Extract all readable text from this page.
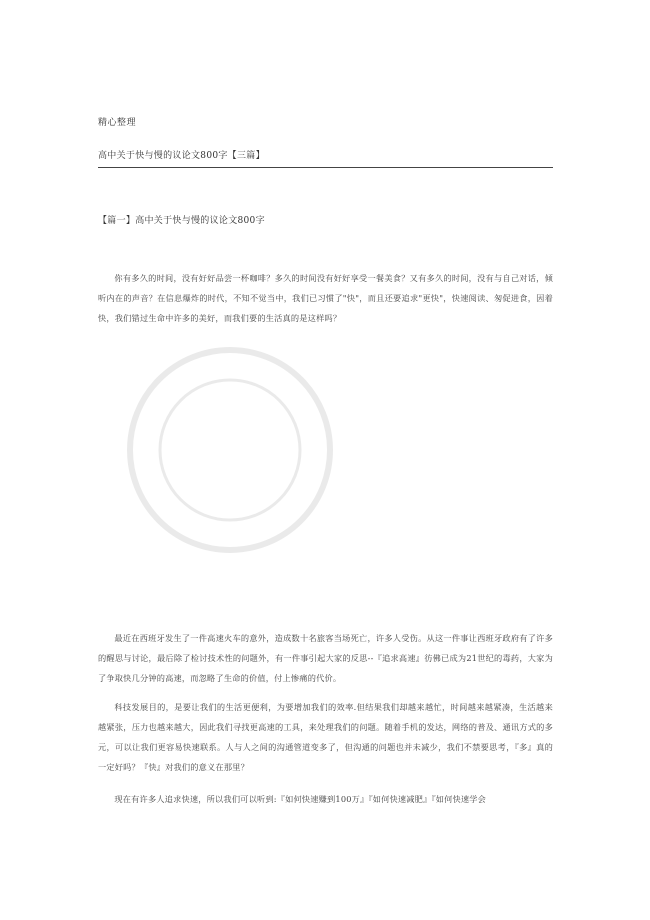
精心整理
高中关于快与慢的议论文800字【三篇】
【篇一】高中关于快与慢的议论文800字

你有多久的时间，没有好好品尝一杯咖啡？多久的时间没有好好享受一餐美食？又有多久的时间，没有与自己对话，倾听内在的声音？在信息爆炸的时代，不知不觉当中，我们已习惯了"快"，而且还要追求"更快"，快速阅读、匆促进食，因着快，我们错过生命中许多的美好，而我们要的生活真的是这样吗？

最近在西班牙发生了一件高速火车的意外，造成数十名旅客当场死亡，许多人受伤。从这一件事让西班牙政府有了许多的醒思与讨论，最后除了检讨技术性的问题外，有一件事引起大家的反思--『追求高速』彷佛已成为21世纪的毒药，大家为了争取快几分钟的高速，而忽略了生命的价值，付上惨痛的代价。

科技发展目的，是要让我们的生活更便利，为要增加我们的效率.但结果我们却越来越忙，时间越来越紧凑，生活越来越紧张，压力也越来越大，因此我们寻找更高速的工具，来处理我们的问题。随着手机的发达，网络的普及、通讯方式的多元，可以让我们更容易快速联系。人与人之间的沟通管道变多了，但沟通的问题也并未减少，我们不禁要思考，『多』真的一定好吗？『快』对我们的意义在那里？

现在有许多人追求快速，所以我们可以听到:『如何快速赚到100万』『如何快速减肥』『如何快速学会
